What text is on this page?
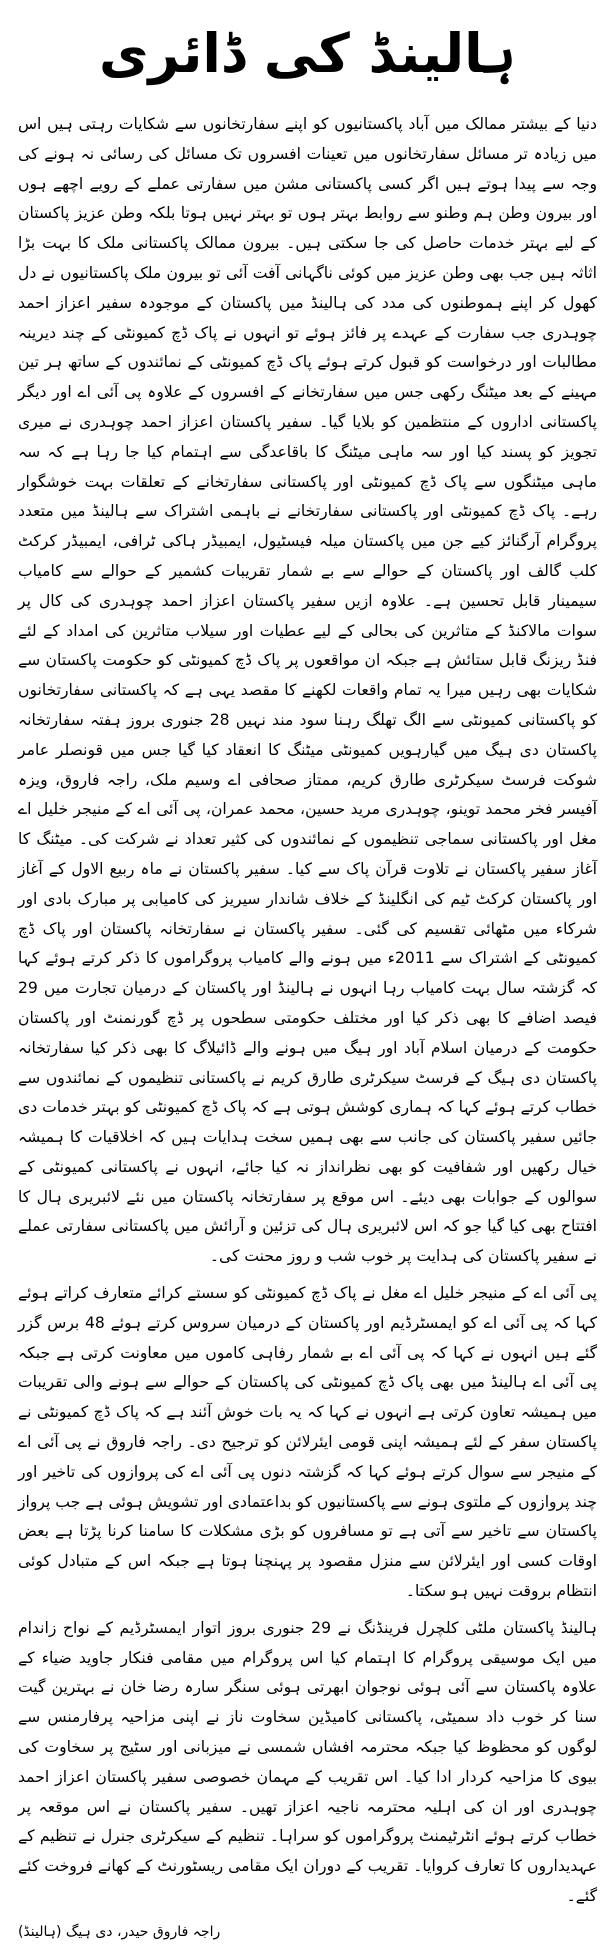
ہالینڈ کی ڈائری

دنیا کے بیشتر ممالک میں آباد پاکستانیوں کو اپنے سفارتخانوں سے شکایات رہتی ہیں اس میں زیادہ تر مسائل سفارتخانوں میں تعینات افسروں تک مسائل کی رسائی نہ ہونے کی وجہ سے پیدا ہوتے ہیں اگر کسی پاکستانی مشن میں سفارتی عملے کے رویے اچھے ہوں اور بیرون وطن ہم وطنو سے روابط بہتر ہوں تو بہتر نہیں ہوتا بلکہ وطن عزیز پاکستان کے لیے بہتر خدمات حاصل کی جا سکتی ہیں۔ بیرون ممالک پاکستانی ملک کا بہت بڑا اثاثہ ہیں جب بھی وطن عزیز میں کوئی ناگہانی آفت آئی تو بیرون ملک پاکستانیوں نے دل کھول کر اپنے ہموطنوں کی مدد کی ہالینڈ میں پاکستان کے موجودہ سفیر اعزاز احمد چوہدری جب سفارت کے عہدے پر فائز ہوئے تو انہوں نے پاک ڈچ کمیونٹی کے چند دیرینہ مطالبات اور درخواست کو قبول کرتے ہوئے پاک ڈچ کمیونٹی کے نمائندوں کے ساتھ ہر تین مہینے کے بعد میٹنگ رکھی جس میں سفارتخانے کے افسروں کے علاوہ پی آئی اے اور دیگر پاکستانی اداروں کے منتظمین کو بلایا گیا۔ سفیر پاکستان اعزاز احمد چوہدری نے میری تجویز کو پسند کیا اور سہ ماہی میٹنگ کا باقاعدگی سے اہتمام کیا جا رہا ہے کہ سہ ماہی میٹنگوں سے پاک ڈچ کمیونٹی اور پاکستانی سفارتخانے کے تعلقات بہت خوشگوار رہے۔ پاک ڈچ کمیونٹی اور پاکستانی سفارتخانے نے باہمی اشتراک سے ہالینڈ میں متعدد پروگرام آرگنائز کیے جن میں پاکستان میلہ فیسٹیول، ایمبیڈر ہاکی ٹرافی، ایمبیڈر کرکٹ کلب گالف اور پاکستان کے حوالے سے بے شمار تقریبات کشمیر کے حوالے سے کامیاب سیمینار قابل تحسین ہے۔ علاوہ ازیں سفیر پاکستان اعزاز احمد چوہدری کی کال پر سوات مالاکنڈ کے متاثرین کی بحالی کے لیے عطیات اور سیلاب متاثرین کی امداد کے لئے فنڈ ریزنگ قابل ستائش ہے جبکہ ان مواقعوں پر پاک ڈچ کمیونٹی کو حکومت پاکستان سے شکایات بھی رہیں میرا یہ تمام واقعات لکھنے کا مقصد یہی ہے کہ پاکستانی سفارتخانوں کو پاکستانی کمیونٹی سے الگ تھلگ رہنا سود مند نہیں 28 جنوری بروز ہفتہ سفارتخانہ پاکستان دی ہیگ میں گیارہویں کمیونٹی میٹنگ کا انعقاد کیا گیا جس میں قونصلر عامر شوکت فرسٹ سیکرٹری طارق کریم، ممتاز صحافی اے وسیم ملک، راجہ فاروق، ویزہ آفیسر فخر محمد توینو، چوہدری مرید حسین، محمد عمران، پی آئی اے کے منیجر خلیل اے مغل اور پاکستانی سماجی تنظیموں کے نمائندوں کی کثیر تعداد نے شرکت کی۔ میٹنگ کا آغاز سفیر پاکستان نے تلاوت قرآن پاک سے کیا۔ سفیر پاکستان نے ماہ ربیع الاول کے آغاز اور پاکستان کرکٹ ٹیم کی انگلینڈ کے خلاف شاندار سیریز کی کامیابی پر مبارک بادی اور شرکاء میں مٹھائی تقسیم کی گئی۔ سفیر پاکستان نے سفارتخانہ پاکستان اور پاک ڈچ کمیونٹی کے اشتراک سے 2011ء میں ہونے والے کامیاب پروگراموں کا ذکر کرتے ہوئے کہا کہ گزشتہ سال بہت کامیاب رہا انہوں نے ہالینڈ اور پاکستان کے درمیان تجارت میں 29 فیصد اضافے کا بھی ذکر کیا اور مختلف حکومتی سطحوں پر ڈچ گورنمنٹ اور پاکستان حکومت کے درمیان اسلام آباد اور ہیگ میں ہونے والے ڈائیلاگ کا بھی ذکر کیا سفارتخانہ پاکستان دی ہیگ کے فرسٹ سیکرٹری طارق کریم نے پاکستانی تنظیموں کے نمائندوں سے خطاب کرتے ہوئے کہا کہ ہماری کوشش ہوتی ہے کہ پاک ڈچ کمیونٹی کو بہتر خدمات دی جائیں سفیر پاکستان کی جانب سے بھی ہمیں سخت ہدایات ہیں کہ اخلاقیات کا ہمیشہ خیال رکھیں اور شفافیت کو بھی نظرانداز نہ کیا جائے، انہوں نے پاکستانی کمیونٹی کے سوالوں کے جوابات بھی دیئے۔ اس موقع پر سفارتخانہ پاکستان میں نئے لائبریری ہال کا افتتاح بھی کیا گیا جو کہ اس لائبریری ہال کی تزئین و آرائش میں پاکستانی سفارتی عملے نے سفیر پاکستان کی ہدایت پر خوب شب و روز محنت کی۔

پی آئی اے کے منیجر خلیل اے مغل نے پاک ڈچ کمیونٹی کو سستے کرائے متعارف کراتے ہوئے کہا کہ پی آئی اے کو ایمسٹرڈیم اور پاکستان کے درمیان سروس کرتے ہوئے 48 برس گزر گئے ہیں انہوں نے کہا کہ پی آئی اے بے شمار رفاہی کاموں میں معاونت کرتی ہے جبکہ پی آئی اے ہالینڈ میں بھی پاک ڈچ کمیونٹی کی پاکستان کے حوالے سے ہونے والی تقریبات میں ہمیشہ تعاون کرتی ہے انہوں نے کہا کہ یہ بات خوش آئند ہے کہ پاک ڈچ کمیونٹی نے پاکستان سفر کے لئے ہمیشہ اپنی قومی ایئرلائن کو ترجیح دی۔ راجہ فاروق نے پی آئی اے کے منیجر سے سوال کرتے ہوئے کہا کہ گزشتہ دنوں پی آئی اے کی پروازوں کی تاخیر اور چند پروازوں کے ملتوی ہونے سے پاکستانیوں کو بداعتمادی اور تشویش ہوئی ہے جب پرواز پاکستان سے تاخیر سے آتی ہے تو مسافروں کو بڑی مشکلات کا سامنا کرنا پڑتا ہے بعض اوقات کسی اور ایئرلائن سے منزل مقصود پر پہنچنا ہوتا ہے جبکہ اس کے متبادل کوئی انتظام بروقت نہیں ہو سکتا۔

ہالینڈ پاکستان ملٹی کلچرل فرینڈنگ نے 29 جنوری بروز اتوار ایمسٹرڈیم کے نواح زاندام میں ایک موسیقی پروگرام کا اہتمام کیا اس پروگرام میں مقامی فنکار جاوید ضیاء کے علاوہ پاکستان سے آئی ہوئی نوجوان ابھرتی ہوئی سنگر سارہ رضا خان نے بہترین گیت سنا کر خوب داد سمیٹی، پاکستانی کامیڈین سخاوت ناز نے اپنی مزاحیہ پرفارمنس سے لوگوں کو محظوظ کیا جبکہ محترمہ افشاں شمسی نے میزبانی اور سٹیج پر سخاوت کی بیوی کا مزاحیہ کردار ادا کیا۔ اس تقریب کے مہمان خصوصی سفیر پاکستان اعزاز احمد چوہدری اور ان کی اہلیہ محترمہ ناجیہ اعزاز تھیں۔ سفیر پاکستان نے اس موقعہ پر خطاب کرتے ہوئے انٹرٹیمنٹ پروگراموں کو سراہا۔ تنظیم کے سیکرٹری جنرل نے تنظیم کے عہدیداروں کا تعارف کروایا۔ تقریب کے دوران ایک مقامی ریسٹورنٹ کے کھانے فروخت کئے گئے۔

راجہ فاروق حیدر، دی ہیگ (ہالینڈ)
